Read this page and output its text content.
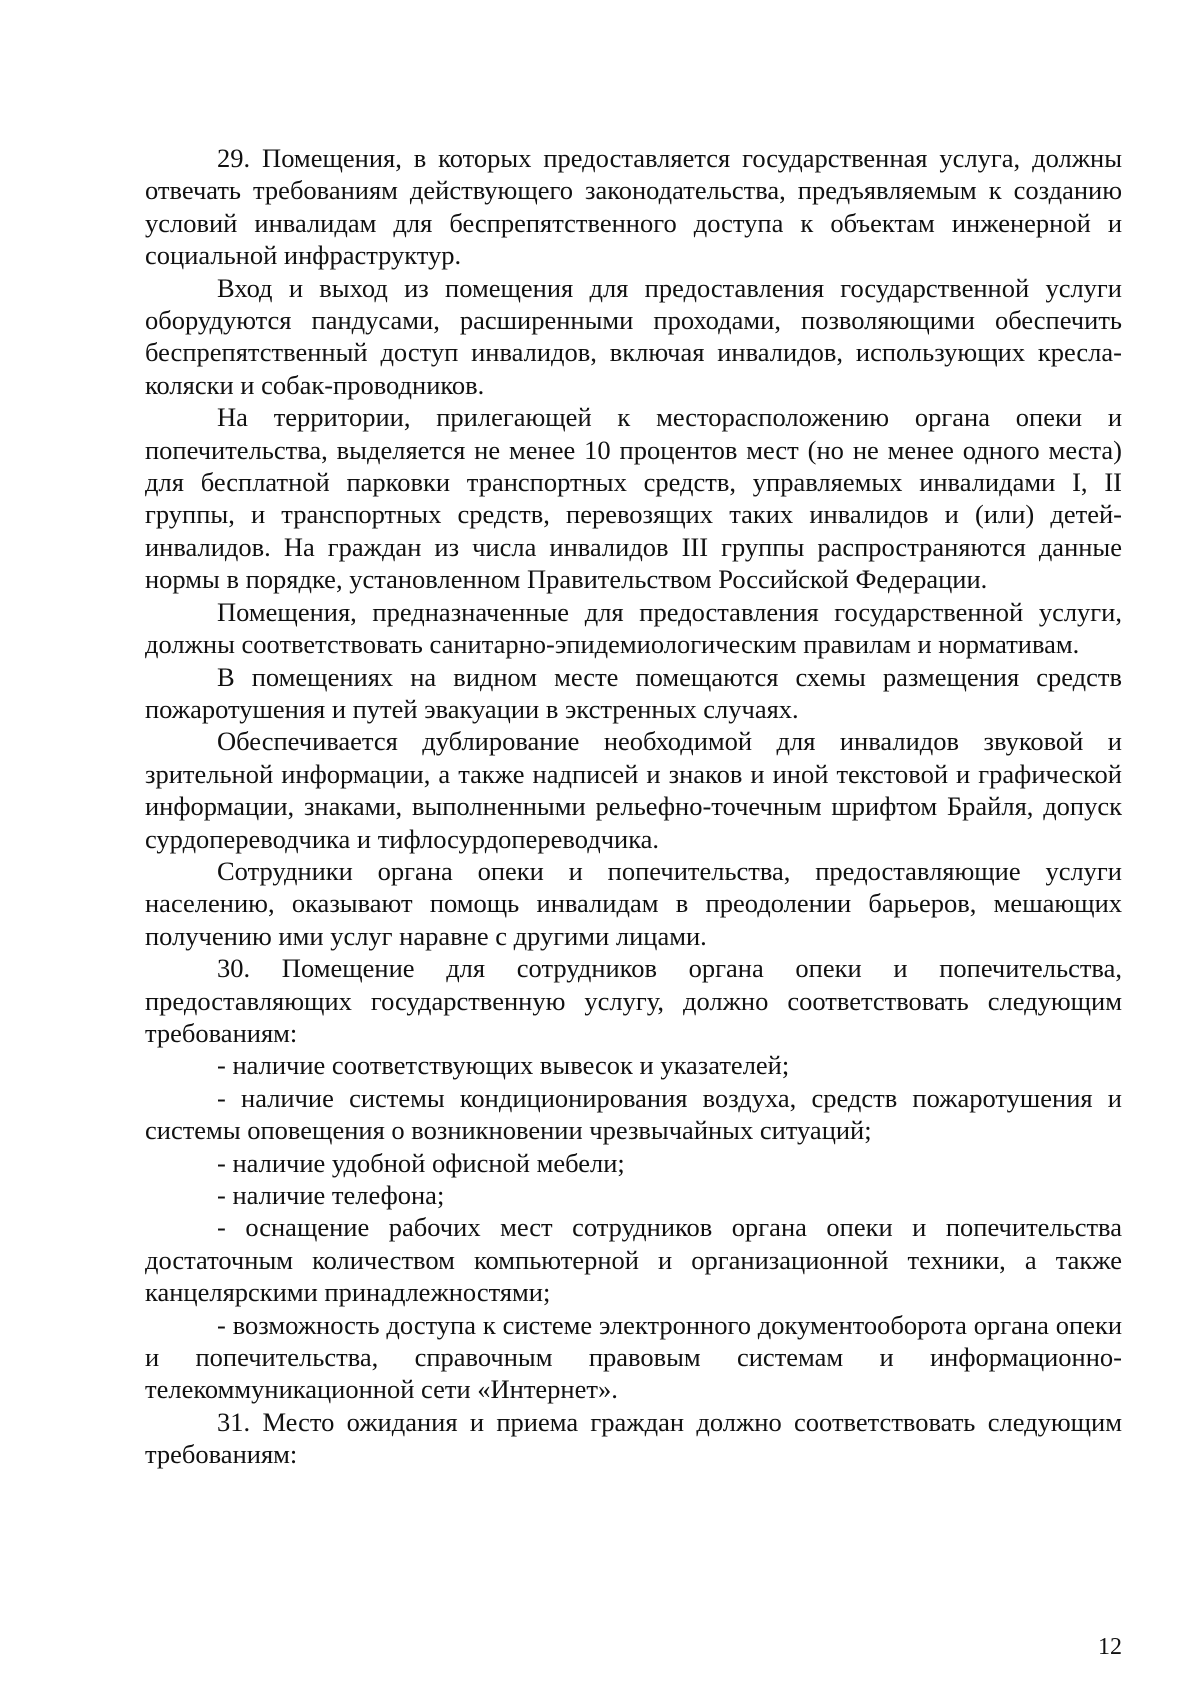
29. Помещения, в которых предоставляется государственная услуга, должны отвечать требованиям действующего законодательства, предъявляемым к созданию условий инвалидам для беспрепятственного доступа к объектам инженерной и социальной инфраструктур.

Вход и выход из помещения для предоставления государственной услуги оборудуются пандусами, расширенными проходами, позволяющими обеспечить беспрепятственный доступ инвалидов, включая инвалидов, использующих кресла-коляски и собак-проводников.

На территории, прилегающей к месторасположению органа опеки и попечительства, выделяется не менее 10 процентов мест (но не менее одного места) для бесплатной парковки транспортных средств, управляемых инвалидами I, II группы, и транспортных средств, перевозящих таких инвалидов и (или) детей-инвалидов. На граждан из числа инвалидов III группы распространяются данные нормы в порядке, установленном Правительством Российской Федерации.

Помещения, предназначенные для предоставления государственной услуги, должны соответствовать санитарно-эпидемиологическим правилам и нормативам.

В помещениях на видном месте помещаются схемы размещения средств пожаротушения и путей эвакуации в экстренных случаях.

Обеспечивается дублирование необходимой для инвалидов звуковой и зрительной информации, а также надписей и знаков и иной текстовой и графической информации, знаками, выполненными рельефно-точечным шрифтом Брайля, допуск сурдопереводчика и тифлосурдопереводчика.

Сотрудники органа опеки и попечительства, предоставляющие услуги населению, оказывают помощь инвалидам в преодолении барьеров, мешающих получению ими услуг наравне с другими лицами.

30. Помещение для сотрудников органа опеки и попечительства, предоставляющих государственную услугу, должно соответствовать следующим требованиям:

- наличие соответствующих вывесок и указателей;

- наличие системы кондиционирования воздуха, средств пожаротушения и системы оповещения о возникновении чрезвычайных ситуаций;

- наличие удобной офисной мебели;

- наличие телефона;

- оснащение рабочих мест сотрудников органа опеки и попечительства достаточным количеством компьютерной и организационной техники, а также канцелярскими принадлежностями;

- возможность доступа к системе электронного документооборота органа опеки и попечительства, справочным правовым системам и информационно-телекоммуникационной сети «Интернет».

31. Место ожидания и приема граждан должно соответствовать следующим требованиям:

12
